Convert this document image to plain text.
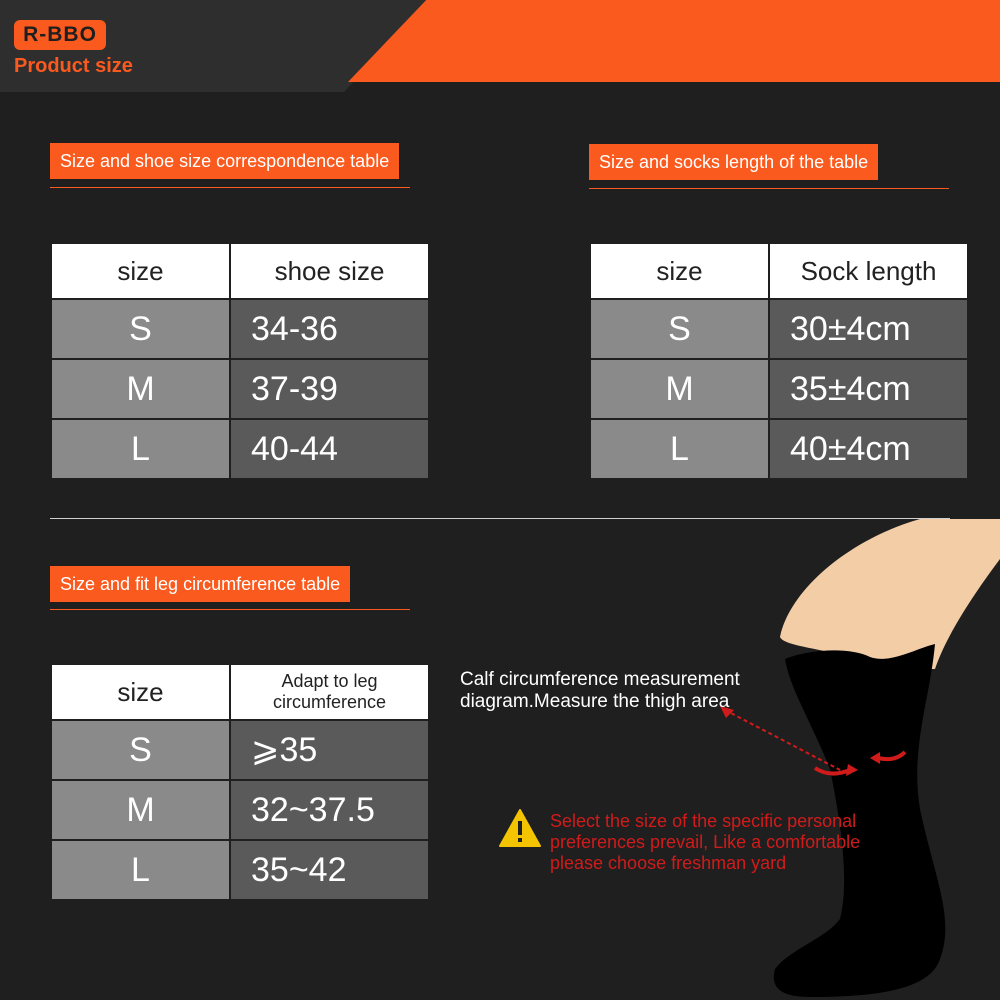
R-BBO
Product size
Size and shoe size correspondence table
size	shoe size
S	34-36
M	37-39
L	40-44
Size and socks length of the table
size	Sock length
S	30±4cm
M	35±4cm
L	40±4cm
Size and fit leg circumference table
size	Adapt to leg circumference
S	⩾35
M	32~37.5
L	35~42
Calf circumference measurement diagram.Measure the thigh area
Select the size of the specific personal preferences prevail, Like a comfortable please choose freshman yard
